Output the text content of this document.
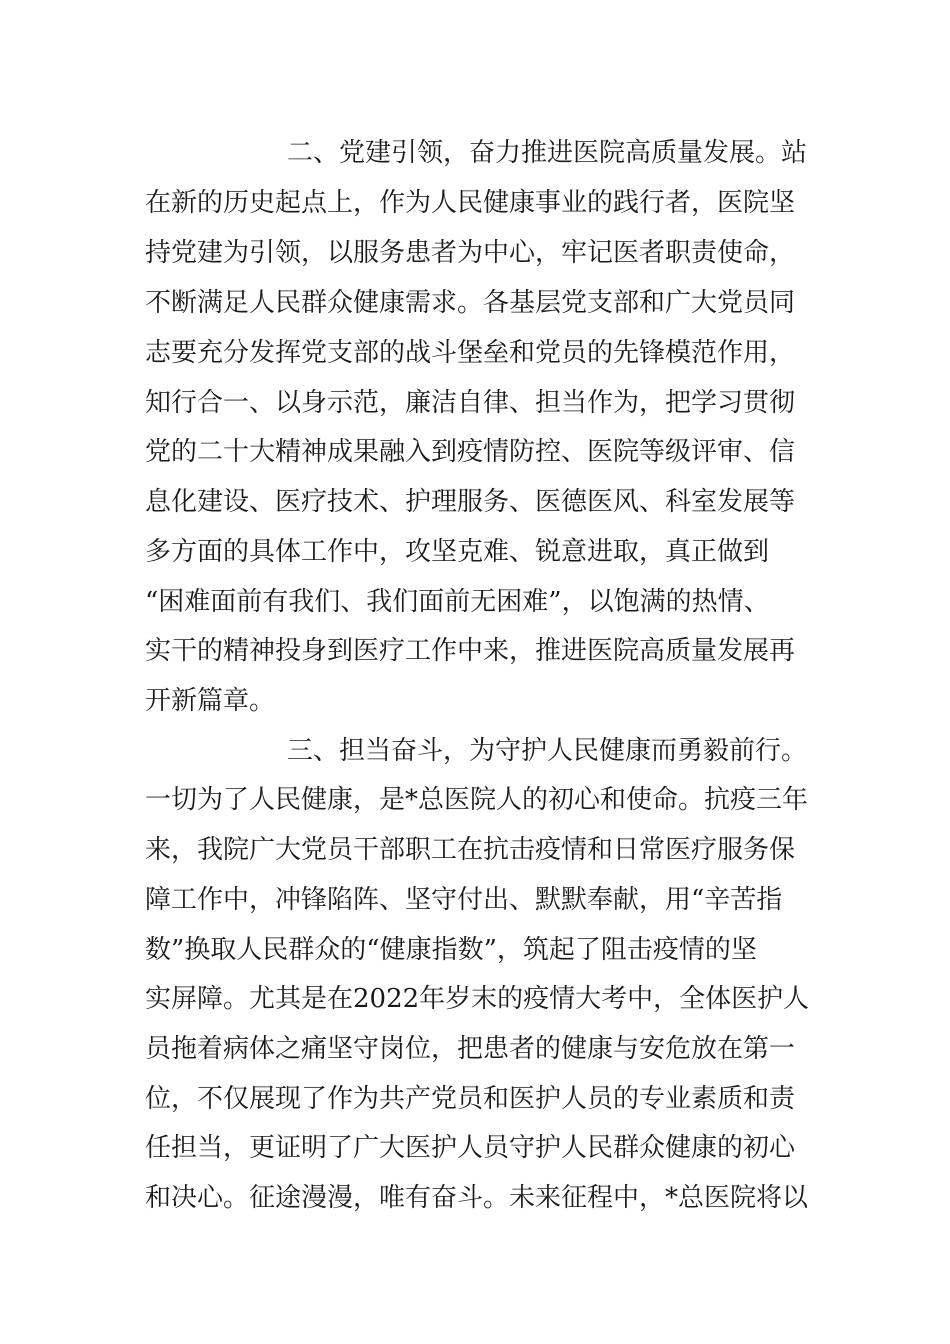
二、党建引领，奋力推进医院高质量发展。站
在新的历史起点上，作为人民健康事业的践行者，医院坚
持党建为引领，以服务患者为中心，牢记医者职责使命，
不断满足人民群众健康需求。各基层党支部和广大党员同
志要充分发挥党支部的战斗堡垒和党员的先锋模范作用，
知行合一、以身示范，廉洁自律、担当作为，把学习贯彻
党的二十大精神成果融入到疫情防控、医院等级评审、信
息化建设、医疗技术、护理服务、医德医风、科室发展等
多方面的具体工作中，攻坚克难、锐意进取，真正做到
“困难面前有我们、我们面前无困难”，以饱满的热情、
实干的精神投身到医疗工作中来，推进医院高质量发展再
开新篇章。
三、担当奋斗，为守护人民健康而勇毅前行。
一切为了人民健康，是*总医院人的初心和使命。抗疫三年
来，我院广大党员干部职工在抗击疫情和日常医疗服务保
障工作中，冲锋陷阵、坚守付出、默默奉献，用“辛苦指
数”换取人民群众的“健康指数”，筑起了阻击疫情的坚
实屏障。尤其是在2022年岁末的疫情大考中，全体医护人
员拖着病体之痛坚守岗位，把患者的健康与安危放在第一
位，不仅展现了作为共产党员和医护人员的专业素质和责
任担当，更证明了广大医护人员守护人民群众健康的初心
和决心。征途漫漫，唯有奋斗。未来征程中，*总医院将以
